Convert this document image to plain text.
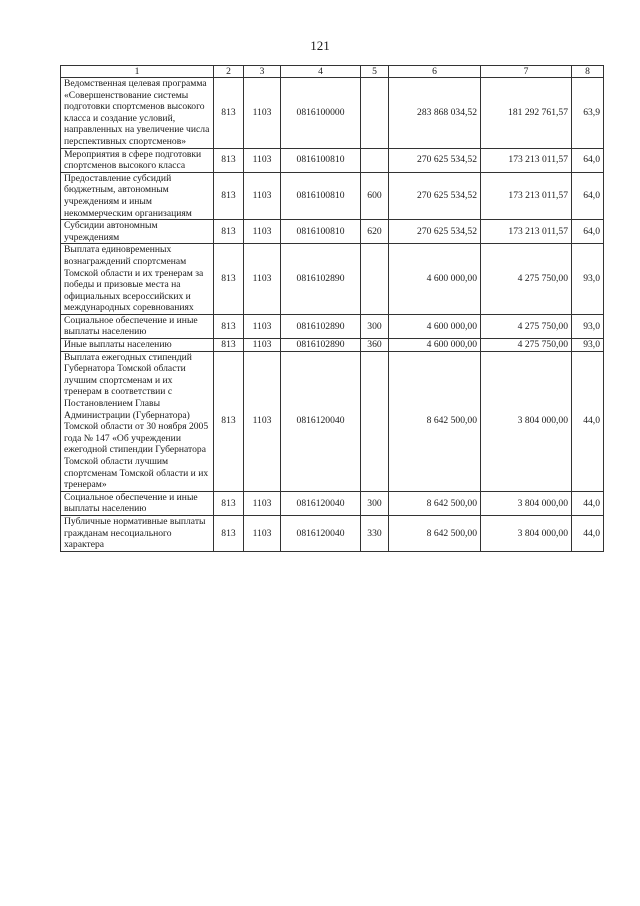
121
1	2	3	4	5	6	7	8
Ведомственная целевая программа «Совершенствование системы подготовки спортсменов высокого класса и создание условий, направленных на увеличение числа перспективных спортсменов»	813	1103	0816100000		283 868 034,52	181 292 761,57	63,9
Мероприятия в сфере подготовки спортсменов высокого класса	813	1103	0816100810		270 625 534,52	173 213 011,57	64,0
Предоставление субсидий бюджетным, автономным учреждениям и иным некоммерческим организациям	813	1103	0816100810	600	270 625 534,52	173 213 011,57	64,0
Субсидии автономным учреждениям	813	1103	0816100810	620	270 625 534,52	173 213 011,57	64,0
Выплата единовременных вознаграждений спортсменам Томской области и их тренерам за победы и призовые места на официальных всероссийских и международных соревнованиях	813	1103	0816102890		4 600 000,00	4 275 750,00	93,0
Социальное обеспечение и иные выплаты населению	813	1103	0816102890	300	4 600 000,00	4 275 750,00	93,0
Иные выплаты населению	813	1103	0816102890	360	4 600 000,00	4 275 750,00	93,0
Выплата ежегодных стипендий Губернатора Томской области лучшим спортсменам и их тренерам в соответствии с Постановлением Главы Администрации (Губернатора) Томской области от 30 ноября 2005 года № 147 «Об учреждении ежегодной стипендии Губернатора Томской области лучшим спортсменам Томской области и их тренерам»	813	1103	0816120040		8 642 500,00	3 804 000,00	44,0
Социальное обеспечение и иные выплаты населению	813	1103	0816120040	300	8 642 500,00	3 804 000,00	44,0
Публичные нормативные выплаты гражданам несоциального характера	813	1103	0816120040	330	8 642 500,00	3 804 000,00	44,0
